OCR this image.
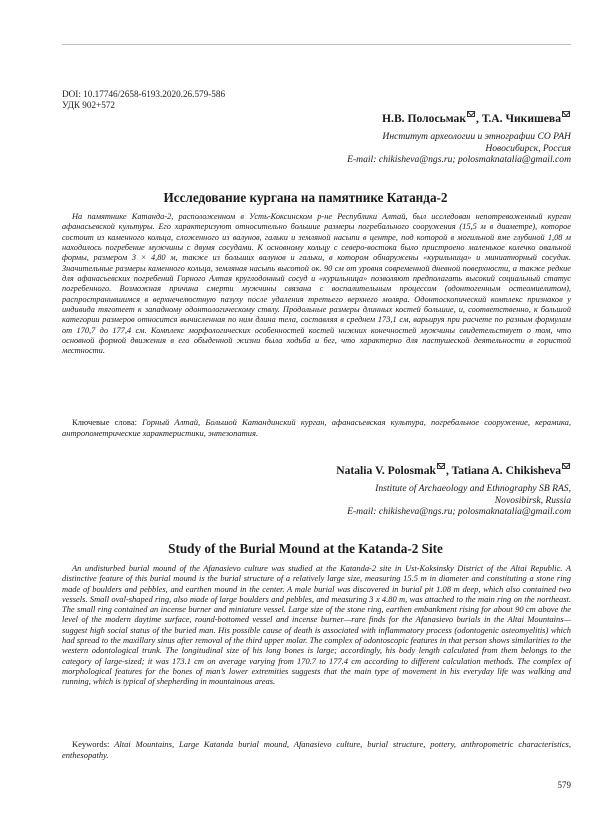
DOI: 10.17746/2658-6193.2020.26.579-586
УДК 902+572
Н.В. Полосьмак , Т.А. Чикишева
Институт археологии и этнографии СО РАН
Новосибирск, Россия
E-mail: chikisheva@ngs.ru; polosmaknatalia@gmail.com
Исследование кургана на памятнике Катанда-2

На памятнике Катанда-2, расположенном в Усть-Коксинском р-не Республики Алтай, был исследован непотревоженный курган афанасьевской культуры. Его характеризуют относительно большие размеры погребального сооружения (15,5 м в диаметре), которое состоит из каменного кольца, сложенного из валунов, гальки и земляной насыпи в центре, под которой в могильной яме глубиной 1,08 м находилось погребение мужчины с двумя сосудами. К основному кольцу с северо-востока было пристроено маленькое колечко овальной формы, размером 3 × 4,80 м, также из больших валунов и гальки, в котором обнаружены «курильница» и миниатюрный сосудик. Значительные размеры каменного кольца, земляная насыпь высотой ок. 90 см от уровня современной дневной поверхности, а также редкие для афанасьевских погребений Горного Алтая круглодонный сосуд и «курильница» позволяют предполагать высокий социальный статус погребенного. Возможная причина смерти мужчины связана с воспалительным процессом (одонтогенным остеомиелитом), распространившимся в верхнечелюстную пазуху после удаления третьего верхнего моляра. Одонтоскопический комплекс признаков у индивида тяготеет к западному одонтологическому ствлу. Продольные размеры длинных костей большие, и, соответственно, к большой категории размеров относится вычисленная по ним длина тела, составляя в среднем 173,1 см, варьируя при расчете по разным формулам от 170,7 до 177,4 см. Комплекс морфологических особенностей костей нижних конечностей мужчины свидетельствует о том, что основной формой движения в его обыденной жизни была ходьба и бег, что характерно для пастушеской деятельности в гористой местности.

Ключевые слова: Горный Алтай, Большой Катандинский курган, афанасьевская культура, погребальное сооружение, керамика, антропометрические характеристики, энтезопатия.

Natalia V. Polosmak , Tatiana A. Chikisheva
Institute of Archaeology and Ethnography SB RAS,
Novosibirsk, Russia
E-mail: chikisheva@ngs.ru; polosmaknatalia@gmail.com
Study of the Burial Mound at the Katanda-2 Site

An undisturbed burial mound of the Afanasievo culture was studied at the Katanda-2 site in Ust-Koksinsky District of the Altai Republic. A distinctive feature of this burial mound is the burial structure of a relatively large size, measuring 15.5 m in diameter and constituting a stone ring made of boulders and pebbles, and earthen mound in the center. A male burial was discovered in burial pit 1.08 m deep, which also contained two vessels. Small oval-shaped ring, also made of large boulders and pebbles, and measuring 3 x 4.80 m, was attached to the main ring on the northeast. The small ring contained an incense burner and miniature vessel. Large size of the stone ring, earthen embankment rising for about 90 cm above the level of the modern daytime surface, round-bottomed vessel and incense burner—rare finds for the Afanasievo burials in the Altai Mountains— suggest high social status of the buried man. His possible cause of death is associated with inflammatory process (odontogenic osteomyelitis) which had spread to the maxillary sinus after removal of the third upper molar. The complex of odontoscopic features in that person shows similarities to the western odontological trunk. The longitudinal size of his long bones is large; accordingly, his body length calculated from them belongs to the category of large-sized; it was 173.1 cm on average varying from 170.7 to 177.4 cm according to different calculation methods. The complex of morphological features for the bones of man’s lower extremities suggests that the main type of movement in his everyday life was walking and running, which is typical of shepherding in mountainous areas.

Keywords: Altai Mountains, Large Katanda burial mound, Afanasievo culture, burial structure, pottery, anthropometric characteristics, enthesopathy.

579
